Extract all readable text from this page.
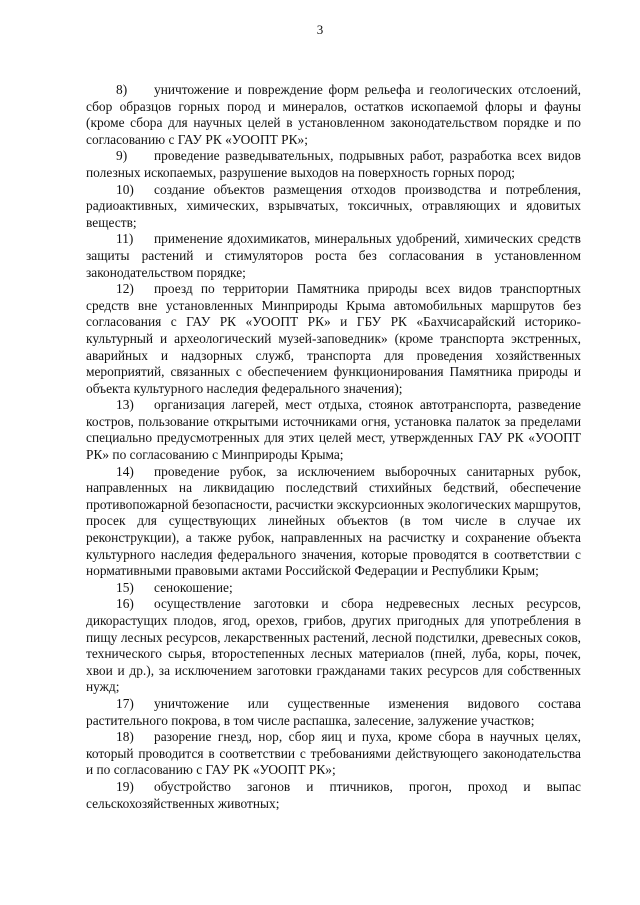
3

8) уничтожение и повреждение форм рельефа и геологических отслоений, сбор образцов горных пород и минералов, остатков ископаемой флоры и фауны (кроме сбора для научных целей в установленном законодательством порядке и по согласованию с ГАУ РК «УООПТ РК»;

9) проведение разведывательных, подрывных работ, разработка всех видов полезных ископаемых, разрушение выходов на поверхность горных пород;

10) создание объектов размещения отходов производства и потребления, радиоактивных, химических, взрывчатых, токсичных, отравляющих и ядовитых веществ;

11) применение ядохимикатов, минеральных удобрений, химических средств защиты растений и стимуляторов роста без согласования в установленном законодательством порядке;

12) проезд по территории Памятника природы всех видов транспортных средств вне установленных Минприроды Крыма автомобильных маршрутов без согласования с ГАУ РК «УООПТ РК» и ГБУ РК «Бахчисарайский историко-культурный и археологический музей-заповедник» (кроме транспорта экстренных, аварийных и надзорных служб, транспорта для проведения хозяйственных мероприятий, связанных с обеспечением функционирования Памятника природы и объекта культурного наследия федерального значения);

13) организация лагерей, мест отдыха, стоянок автотранспорта, разведение костров, пользование открытыми источниками огня, установка палаток за пределами специально предусмотренных для этих целей мест, утвержденных ГАУ РК «УООПТ РК» по согласованию с Минприроды Крыма;

14) проведение рубок, за исключением выборочных санитарных рубок, направленных на ликвидацию последствий стихийных бедствий, обеспечение противопожарной безопасности, расчистки экскурсионных экологических маршрутов, просек для существующих линейных объектов (в том числе в случае их реконструкции), а также рубок, направленных на расчистку и сохранение объекта культурного наследия федерального значения, которые проводятся в соответствии с нормативными правовыми актами Российской Федерации и Республики Крым;

15) сенокошение;

16) осуществление заготовки и сбора недревесных лесных ресурсов, дикорастущих плодов, ягод, орехов, грибов, других пригодных для употребления в пищу лесных ресурсов, лекарственных растений, лесной подстилки, древесных соков, технического сырья, второстепенных лесных материалов (пней, луба, коры, почек, хвои и др.), за исключением заготовки гражданами таких ресурсов для собственных нужд;

17) уничтожение или существенные изменения видового состава растительного покрова, в том числе распашка, залесение, залужение участков;

18) разорение гнезд, нор, сбор яиц и пуха, кроме сбора в научных целях, который проводится в соответствии с требованиями действующего законодательства и по согласованию с ГАУ РК «УООПТ РК»;

19) обустройство загонов и птичников, прогон, проход и выпас сельскохозяйственных животных;
